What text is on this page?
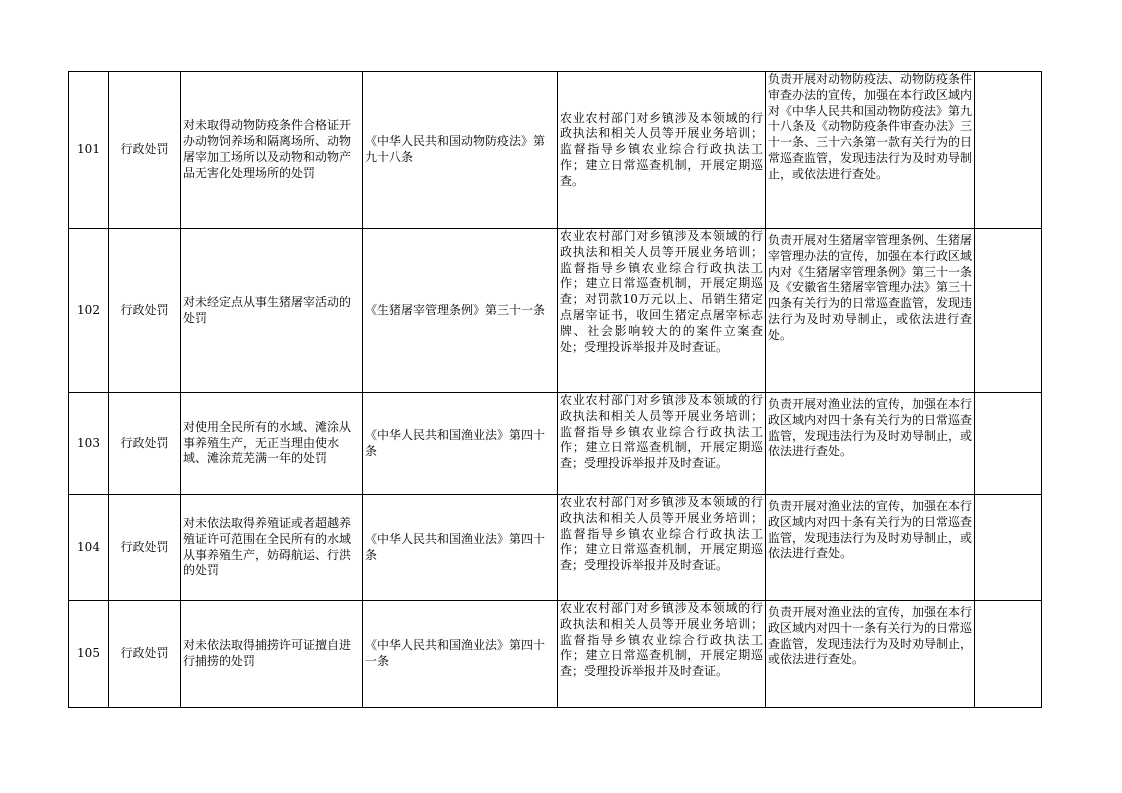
101	行政处罚	对未取得动物防疫条件合格证开办动物饲养场和隔离场所、动物屠宰加工场所以及动物和动物产品无害化处理场所的处罚	《中华人民共和国动物防疫法》第九十八条	农业农村部门对乡镇涉及本领域的行政执法和相关人员等开展业务培训；监督指导乡镇农业综合行政执法工作；建立日常巡查机制，开展定期巡查。	负责开展对动物防疫法、动物防疫条件审查办法的宣传，加强在本行政区域内对《中华人民共和国动物防疫法》第九十八条及《动物防疫条件审查办法》三十一条、三十六条第一款有关行为的日常巡查监管，发现违法行为及时劝导制止，或依法进行查处。	
102	行政处罚	对未经定点从事生猪屠宰活动的处罚	《生猪屠宰管理条例》第三十一条	农业农村部门对乡镇涉及本领域的行政执法和相关人员等开展业务培训；监督指导乡镇农业综合行政执法工作；建立日常巡查机制，开展定期巡查；对罚款10万元以上、吊销生猪定点屠宰证书，收回生猪定点屠宰标志牌、社会影响较大的的案件立案查处；受理投诉举报并及时查证。	负责开展对生猪屠宰管理条例、生猪屠宰管理办法的宣传，加强在本行政区域内对《生猪屠宰管理条例》第三十一条及《安徽省生猪屠宰管理办法》第三十四条有关行为的日常巡查监管，发现违法行为及时劝导制止，或依法进行查处。	
103	行政处罚	对使用全民所有的水域、滩涂从事养殖生产，无正当理由使水域、滩涂荒芜满一年的处罚	《中华人民共和国渔业法》第四十条	农业农村部门对乡镇涉及本领域的行政执法和相关人员等开展业务培训；监督指导乡镇农业综合行政执法工作；建立日常巡查机制，开展定期巡查；受理投诉举报并及时查证。	负责开展对渔业法的宣传，加强在本行政区域内对四十条有关行为的日常巡查监管，发现违法行为及时劝导制止，或依法进行查处。	
104	行政处罚	对未依法取得养殖证或者超越养殖证许可范围在全民所有的水域从事养殖生产，妨碍航运、行洪的处罚	《中华人民共和国渔业法》第四十条	农业农村部门对乡镇涉及本领域的行政执法和相关人员等开展业务培训；监督指导乡镇农业综合行政执法工作；建立日常巡查机制，开展定期巡查；受理投诉举报并及时查证。	负责开展对渔业法的宣传，加强在本行政区域内对四十条有关行为的日常巡查监管，发现违法行为及时劝导制止，或依法进行查处。	
105	行政处罚	对未依法取得捕捞许可证擅自进行捕捞的处罚	《中华人民共和国渔业法》第四十一条	农业农村部门对乡镇涉及本领域的行政执法和相关人员等开展业务培训；监督指导乡镇农业综合行政执法工作；建立日常巡查机制，开展定期巡查；受理投诉举报并及时查证。	负责开展对渔业法的宣传，加强在本行政区域内对四十一条有关行为的日常巡查监管，发现违法行为及时劝导制止，或依法进行查处。	
